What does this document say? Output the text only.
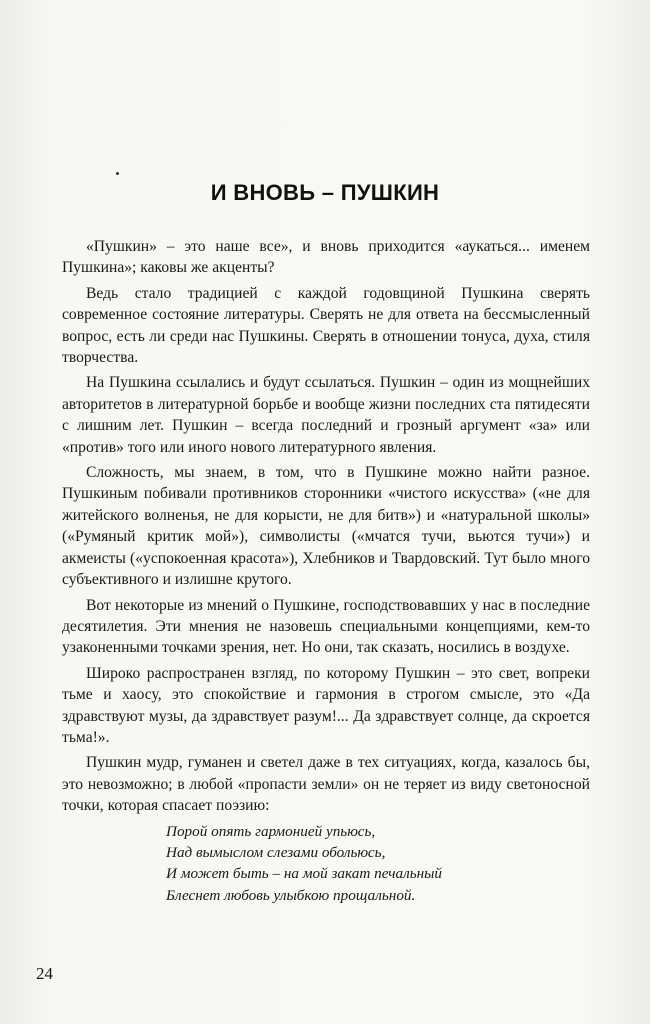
И ВНОВЬ – ПУШКИН

«Пушкин» – это наше все», и вновь приходится «аукаться... именем Пушкина»; каковы же акценты?

Ведь стало традицией с каждой годовщиной Пушкина сверять современное состояние литературы. Сверять не для ответа на бессмысленный вопрос, есть ли среди нас Пушкины. Сверять в отношении тонуса, духа, стиля творчества.

На Пушкина ссылались и будут ссылаться. Пушкин – один из мощнейших авторитетов в литературной борьбе и вообще жизни последних ста пятидесяти с лишним лет. Пушкин – всегда последний и грозный аргумент «за» или «против» того или иного нового литературного явления.

Сложность, мы знаем, в том, что в Пушкине можно найти разное. Пушкиным побивали противников сторонники «чистого искусства» («не для житейского волненья, не для корысти, не для битв») и «натуральной школы» («Румяный критик мой»), символисты («мчатся тучи, вьются тучи») и акмеисты («успокоенная красота»), Хлебников и Твардовский. Тут было много субъективного и излишне крутого.

Вот некоторые из мнений о Пушкине, господствовавших у нас в последние десятилетия. Эти мнения не назовешь специальными концепциями, кем-то узаконенными точками зрения, нет. Но они, так сказать, носились в воздухе.

Широко распространен взгляд, по которому Пушкин – это свет, вопреки тьме и хаосу, это спокойствие и гармония в строгом смысле, это «Да здравствуют музы, да здравствует разум!... Да здравствует солнце, да скроется тьма!».

Пушкин мудр, гуманен и светел даже в тех ситуациях, когда, казалось бы, это невозможно; в любой «пропасти земли» он не теряет из виду светоносной точки, которая спасает поэзию:

Порой опять гармонией упьюсь,
Над вымыслом слезами обольюсь,
И может быть – на мой закат печальный
Блеснет любовь улыбкою прощальной.
24
